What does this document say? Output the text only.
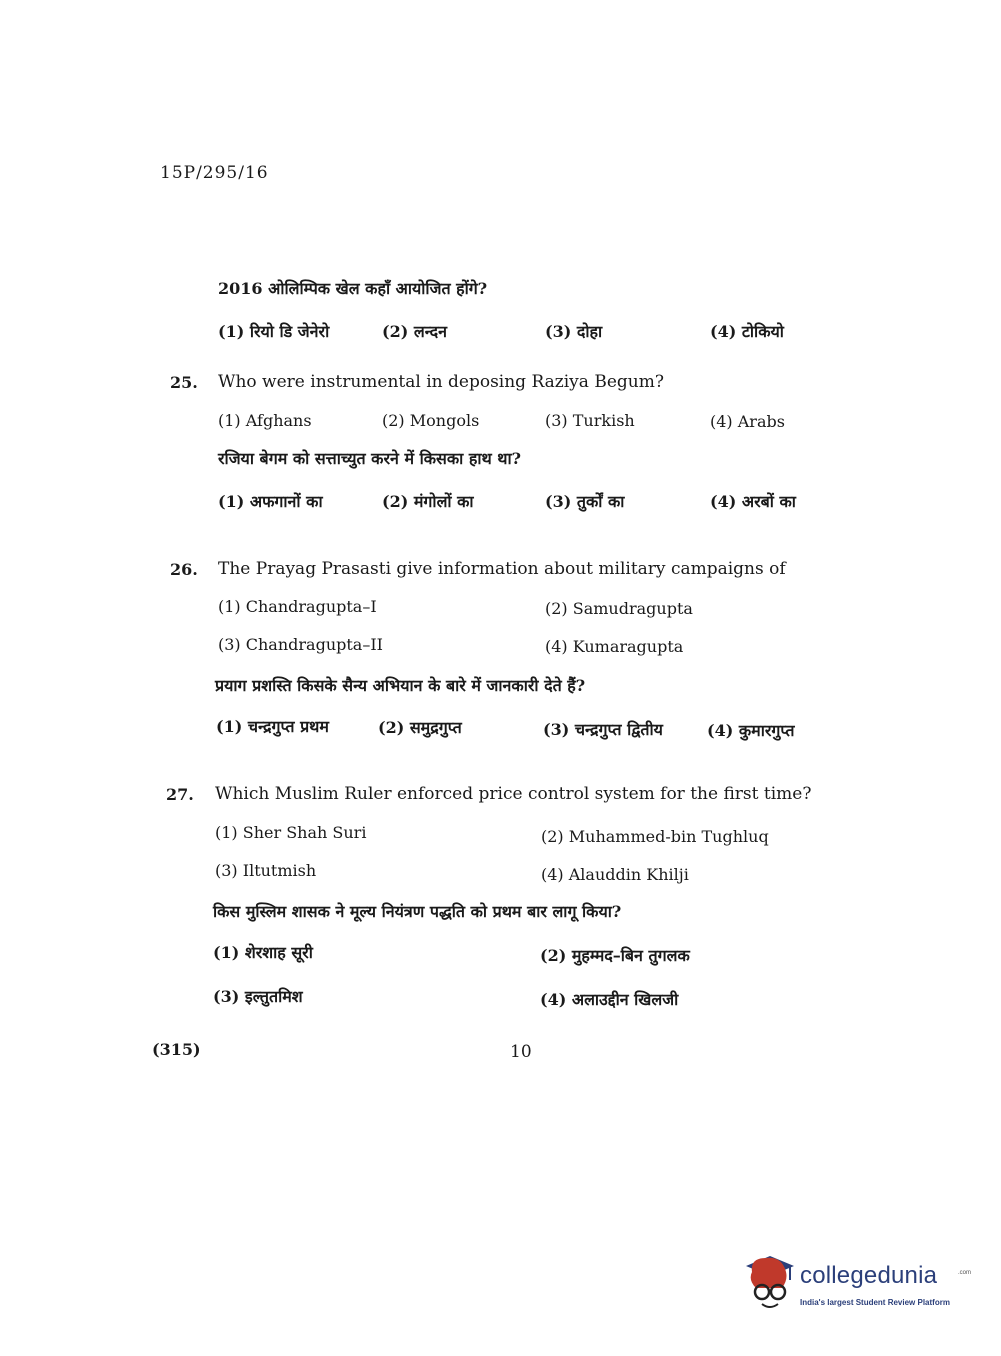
15P/295/16
2016 ओलिम्पिक खेल कहाँ आयोजित होंगे?
(1) रियो डि जेनेरो	(2) लन्दन	(3) दोहा	(4) टोकियो
25. Who were instrumental in deposing Raziya Begum?
(1) Afghans	(2) Mongols	(3) Turkish	(4) Arabs
रजिया बेगम को सत्ताच्युत करने में किसका हाथ था?
(1) अफगानों का	(2) मंगोलों का	(3) तुर्कों का	(4) अरबों का
26. The Prayag Prasasti give information about military campaigns of
(1) Chandragupta–I	(2) Samudragupta
(3) Chandragupta–II	(4) Kumaragupta
प्रयाग प्रशस्ति किसके सैन्य अभियान के बारे में जानकारी देते हैं?
(1) चन्द्रगुप्त प्रथम	(2) समुद्रगुप्त	(3) चन्द्रगुप्त द्वितीय	(4) कुमारगुप्त
27. Which Muslim Ruler enforced price control system for the first time?
(1) Sher Shah Suri	(2) Muhammed-bin Tughluq
(3) Iltutmish	(4) Alauddin Khilji
किस मुस्लिम शासक ने मूल्य नियंत्रण पद्धति को प्रथम बार लागू किया?
(1) शेरशाह सूरी	(2) मुहम्मद–बिन तुगलक
(3) इल्तुतमिश	(4) अलाउद्दीन खिलजी
(315)	10
collegedunia	.com
India's largest Student Review Platform
